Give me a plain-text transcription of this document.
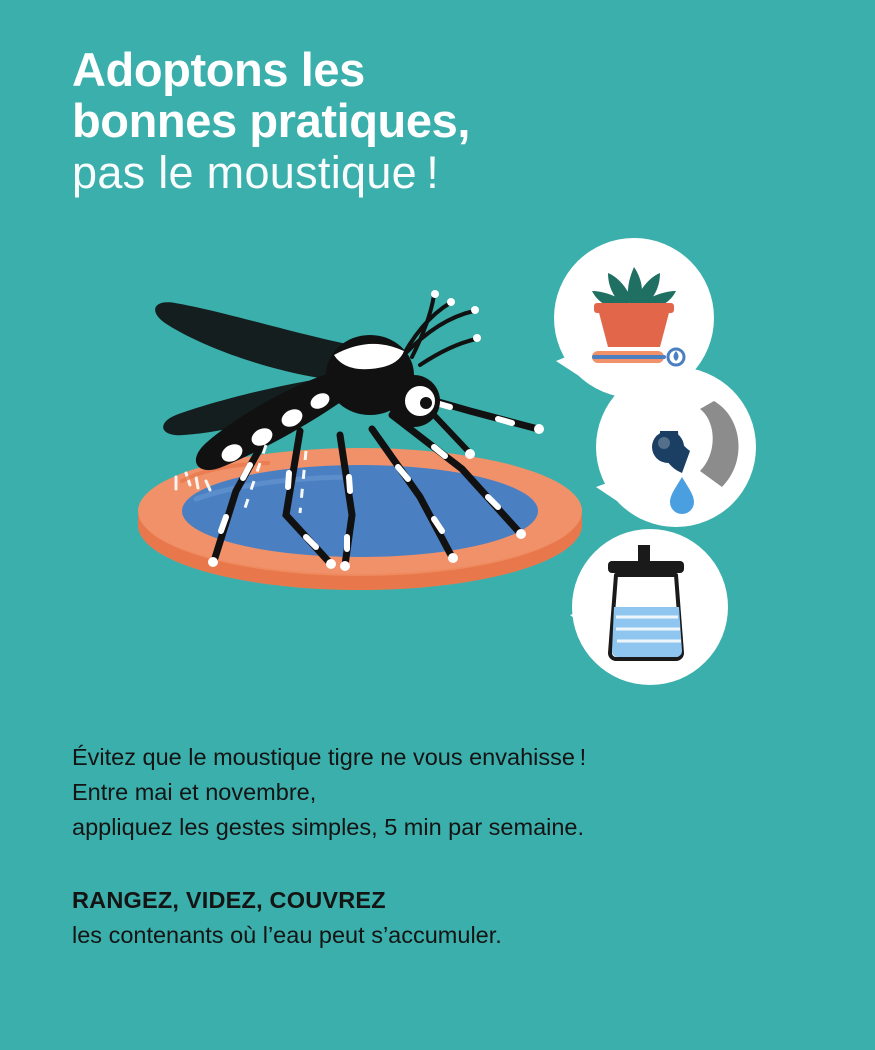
Adoptons les
bonnes pratiques,
pas le moustique !

Évitez que le moustique tigre ne vous envahisse !

Entre mai et novembre,

appliquez les gestes simples, 5 min par semaine.

RANGEZ, VIDEZ, COUVREZ

les contenants où l’eau peut s’accumuler.
